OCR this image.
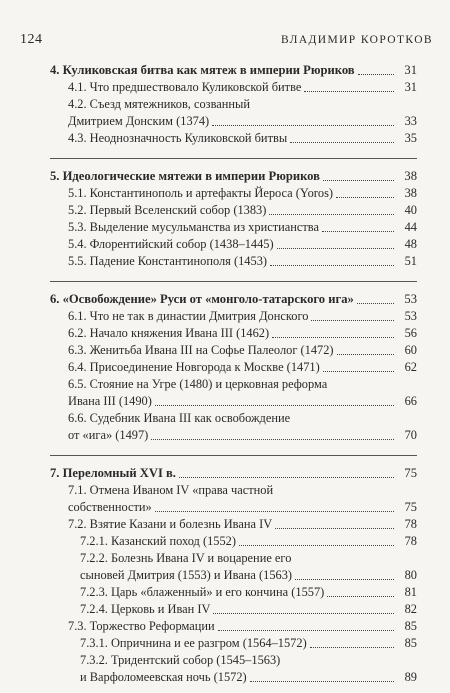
124	ВЛАДИМИР КОРОТКОВ
4. Куликовская битва как мятеж в империи Рюриков	31
4.1. Что предшествовало Куликовской битве	31
4.2. Съезд мятежников, созванный
Дмитрием Донским (1374)	33
4.3. Неоднозначность Куликовской битвы	35
5. Идеологические мятежи в империи Рюриков	38
5.1. Константинополь и артефакты Йероса (Yoros)	38
5.2. Первый Вселенский собор (1383)	40
5.3. Выделение мусульманства из христианства	44
5.4. Флорентийский собор (1438–1445)	48
5.5. Падение Константинополя (1453)	51
6. «Освобождение» Руси от «монголо-татарского ига»	53
6.1. Что не так в династии Дмитрия Донского	53
6.2. Начало княжения Ивана III (1462)	56
6.3. Женитьба Ивана III на Софье Палеолог (1472)	60
6.4. Присоединение Новгорода к Москве (1471)	62
6.5. Стояние на Угре (1480) и церковная реформа
Ивана III (1490)	66
6.6. Судебник Ивана III как освобождение
от «ига» (1497)	70
7. Переломный XVI в.	75
7.1. Отмена Иваном IV «права частной
собственности»	75
7.2. Взятие Казани и болезнь Ивана IV	78
7.2.1. Казанский поход (1552)	78
7.2.2. Болезнь Ивана IV и воцарение его
сыновей Дмитрия (1553) и Ивана (1563)	80
7.2.3. Царь «блаженный» и его кончина (1557)	81
7.2.4. Церковь и Иван IV	82
7.3. Торжество Реформации	85
7.3.1. Опричнина и ее разгром (1564–1572)	85
7.3.2. Тридентский собор (1545–1563)
и Варфоломеевская ночь (1572)	89
